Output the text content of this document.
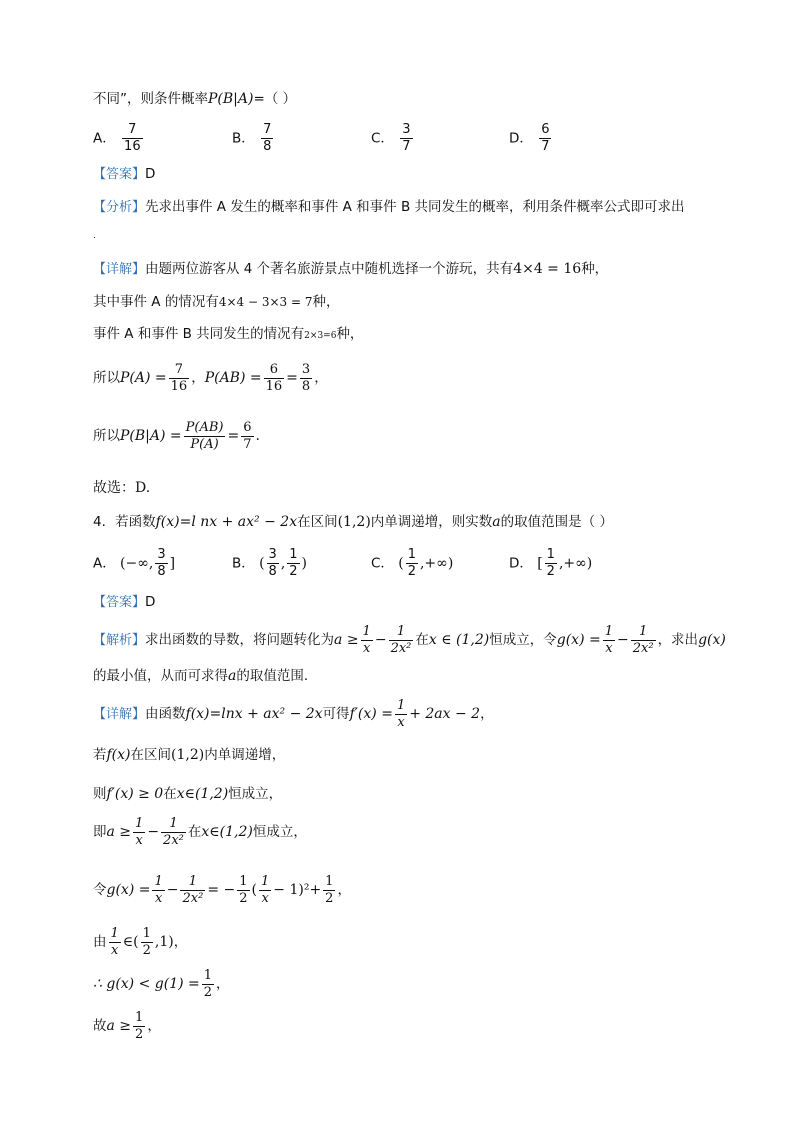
不同”，则条件概率P(B|A)=（ ）
A． $\frac{7}{16}$	B． $\frac{7}{8}$	C． $\frac{3}{7}$	D． $\frac{6}{7}$
【答案】D
【分析】先求出事件 A 发生的概率和事件 A 和事件 B 共同发生的概率，利用条件概率公式即可求出
.
【详解】由题两位游客从 4 个著名旅游景点中随机选择一个游玩，共有4×4 = 16种，
其中事件 A 的情况有4×4 − 3×3 = 7种，
事件 A 和事件 B 共同发生的情况有2×3=6种，
所以$P(A) = \frac{7}{16}$ ，$P(AB) = \frac{6}{16} = \frac{3}{8}$ ，
所以$P(B|A) = \frac{P(AB)}{P(A)} = \frac{6}{7}$ .
故选：D.
4．若函数f(x)=l nx + ax² − 2x在区间(1,2)内单调递增，则实数a的取值范围是（ ）
A． (−∞, $\frac{3}{8}$ ]	B． ( $\frac{3}{8}$ , $\frac{1}{2}$ )	C． ( $\frac{1}{2}$ ,+∞)	D． [ $\frac{1}{2}$ ,+∞)
【答案】D
【解析】求出函数的导数，将问题转化为$a \ge \frac{1}{x} - \frac{1}{\text{2x²}}$ 在x ∈ (1,2)恒成立，令$g(x) = \frac{1}{x} - \frac{1}{\text{2x²}}$ ，求出g(x)
的最小值，从而可求得a的取值范围．
【详解】由函数f(x)=lnx + ax² − 2x可得$f'(x) = \frac{1}{x} + 2ax - 2$，
若f(x)在区间(1,2)内单调递增，
则f′(x) ≥ 0在x∈(1,2)恒成立，
即$a \ge \frac{1}{x} - \frac{1}{\text{2x²}}$ 在x∈(1,2)恒成立，
令$g(x) = \frac{1}{x} - \frac{1}{\text{2x²}}$ = − $\frac{1}{2}$ ( $\frac{1}{x} - 1)^2+ \frac{1}{2}$ ，
由 $\frac{1}{x}$ ∈( $\frac{1}{2} ,1$)，
∴ $g(x) < g(1) = \frac{1}{2}$ ，
故$a \ge \frac{1}{2}$ ，
